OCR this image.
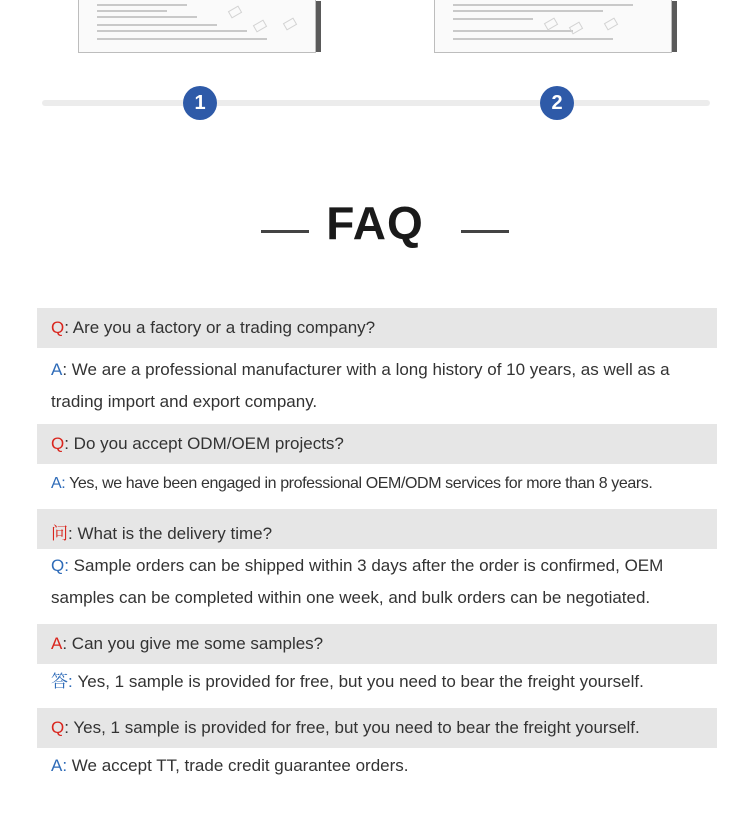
1	2
FAQ
Q: Are you a factory or a trading company?
A: We are a professional manufacturer with a long history of 10 years, as well as a trading import and export company.
Q: Do you accept ODM/OEM projects?
A: Yes, we have been engaged in professional OEM/ODM services for more than 8 years.
问: What is the delivery time?
Q: Sample orders can be shipped within 3 days after the order is confirmed, OEM samples can be completed within one week, and bulk orders can be negotiated.
A: Can you give me some samples?
答: Yes, 1 sample is provided for free, but you need to bear the freight yourself.
Q: Yes, 1 sample is provided for free, but you need to bear the freight yourself.
A: We accept TT, trade credit guarantee orders.
